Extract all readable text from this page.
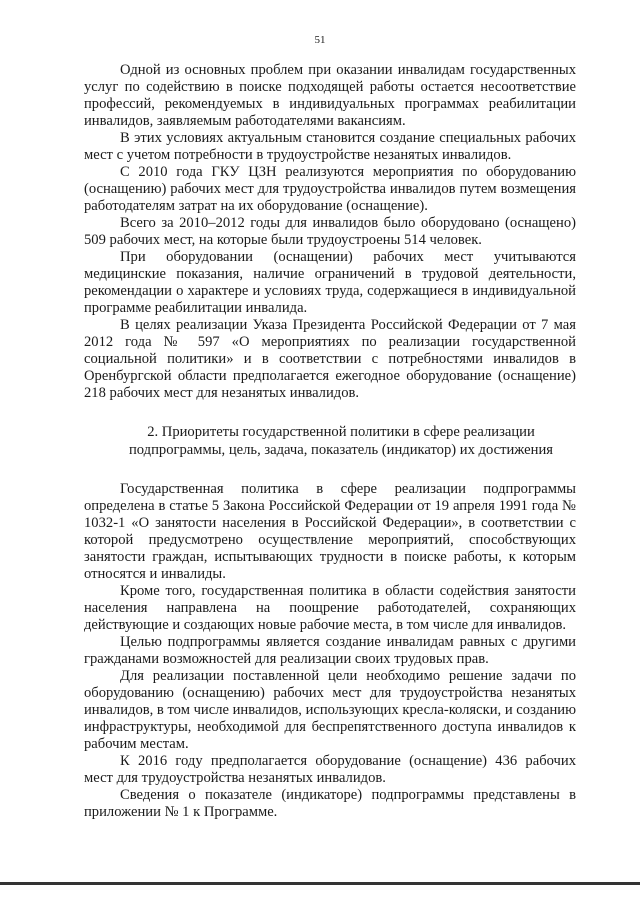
51

Одной из основных проблем при оказании инвалидам государственных услуг по содействию в поиске подходящей работы остается несоответствие профессий, рекомендуемых в индивидуальных программах реабилитации инвалидов, заявляемым работодателями вакансиям.

В этих условиях актуальным становится создание специальных рабочих мест с учетом потребности в трудоустройстве незанятых инвалидов.

С 2010 года ГКУ ЦЗН реализуются мероприятия по оборудованию (оснащению) рабочих мест для трудоустройства инвалидов путем возмещения работодателям затрат на их оборудование (оснащение).

Всего за 2010–2012 годы для инвалидов было оборудовано (оснащено) 509 рабочих мест, на которые были трудоустроены 514 человек.

При оборудовании (оснащении) рабочих мест учитываются медицинские показания, наличие ограничений в трудовой деятельности, рекомендации о характере и условиях труда, содержащиеся в индивидуальной программе реабилитации инвалида.

В целях реализации Указа Президента Российской Федерации от 7 мая 2012 года № 597 «О мероприятиях по реализации государственной социальной политики» и в соответствии с потребностями инвалидов в Оренбургской области предполагается ежегодное оборудование (оснащение) 218 рабочих мест для незанятых инвалидов.

2. Приоритеты государственной политики в сфере реализации
подпрограммы, цель, задача, показатель (индикатор) их достижения

Государственная политика в сфере реализации подпрограммы определена в статье 5 Закона Российской Федерации от 19 апреля 1991 года № 1032-1 «О занятости населения в Российской Федерации», в соответствии с которой предусмотрено осуществление мероприятий, способствующих занятости граждан, испытывающих трудности в поиске работы, к которым относятся и инвалиды.

Кроме того, государственная политика в области содействия занятости населения направлена на поощрение работодателей, сохраняющих действующие и создающих новые рабочие места, в том числе для инвалидов.

Целью подпрограммы является создание инвалидам равных с другими гражданами возможностей для реализации своих трудовых прав.

Для реализации поставленной цели необходимо решение задачи по оборудованию (оснащению) рабочих мест для трудоустройства незанятых инвалидов, в том числе инвалидов, использующих кресла-коляски, и созданию инфраструктуры, необходимой для беспрепятственного доступа инвалидов к рабочим местам.

К 2016 году предполагается оборудование (оснащение) 436 рабочих мест для трудоустройства незанятых инвалидов.

Сведения о показателе (индикаторе) подпрограммы представлены в приложении № 1 к Программе.
